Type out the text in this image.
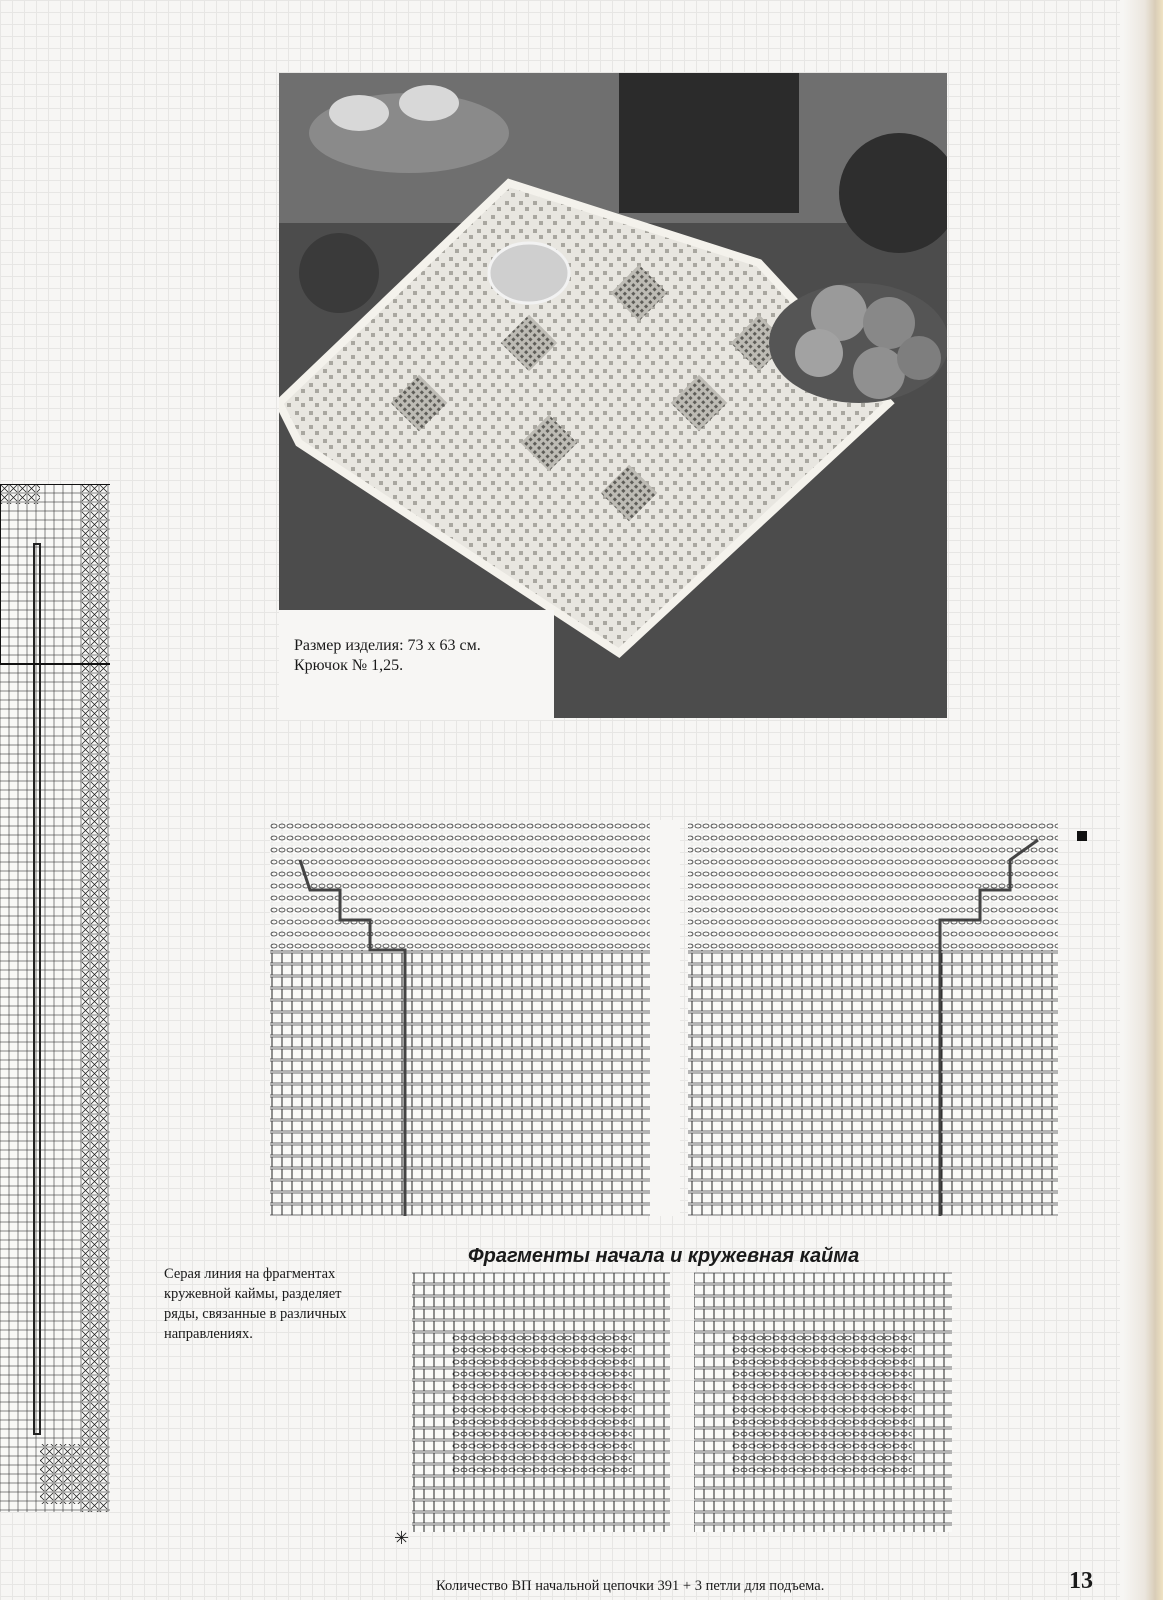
Размер изделия: 73 х 63 см.
Крючок № 1,25.
Фрагменты начала и кружевная кайма
✳
Серая линия на фрагментах кружевной каймы, разделяет ряды, связанные в различных направлениях.
Количество ВП начальной цепочки 391 + 3 петли для подъема.	13
